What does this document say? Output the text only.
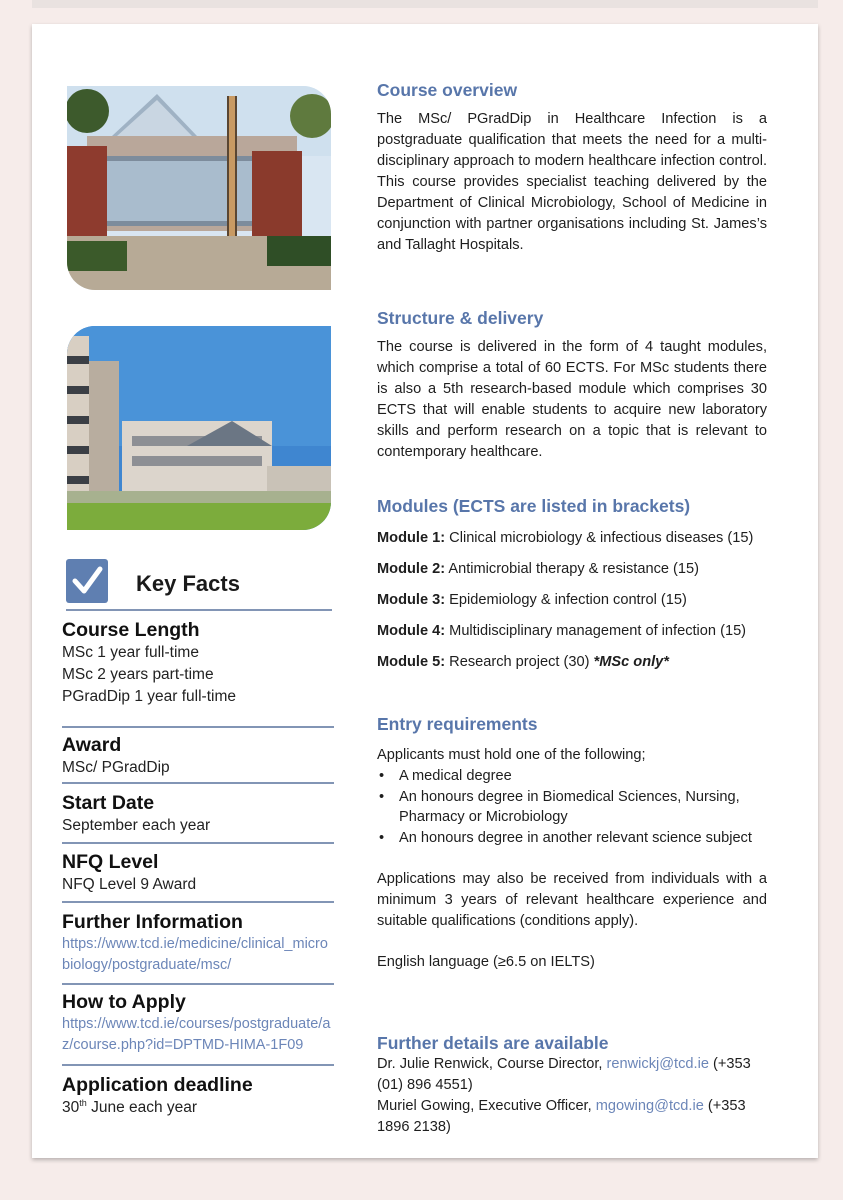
Key Facts
Course Length
MSc 1 year full-time
MSc 2 years part-time
PGradDip 1 year full-time
Award
MSc/ PGradDip
Start Date
September each year
NFQ Level
NFQ Level 9 Award
Further Information
https://www.tcd.ie/medicine/clinical_microbiology/postgraduate/msc/
How to Apply
https://www.tcd.ie/courses/postgraduate/az/course.php?id=DPTMD-HIMA-1F09
Application deadline
30th June each year
Course overview
The MSc/ PGradDip in Healthcare Infection is a postgraduate qualification that meets the need for a multi-disciplinary approach to modern healthcare infection control. This course provides specialist teaching delivered by the Department of Clinical Microbiology, School of Medicine in conjunction with partner organisations including St. James’s and Tallaght Hospitals.
Structure & delivery
The course is delivered in the form of 4 taught modules, which comprise a total of 60 ECTS. For MSc students there is also a 5th research-based module which comprises 30 ECTS that will enable students to acquire new laboratory skills and perform research on a topic that is relevant to contemporary healthcare.
Modules (ECTS are listed in brackets)
Module 1: Clinical microbiology & infectious diseases (15)
Module 2: Antimicrobial therapy & resistance (15)
Module 3: Epidemiology & infection control (15)
Module 4: Multidisciplinary management of infection (15)
Module 5: Research project (30) *MSc only*
Entry requirements
Applicants must hold one of the following;
• A medical degree
• An honours degree in Biomedical Sciences, Nursing, Pharmacy or Microbiology
• An honours degree in another relevant science subject
Applications may also be received from individuals with a minimum 3 years of relevant healthcare experience and suitable qualifications (conditions apply).
English language (≥6.5 on IELTS)
Further details are available
Dr. Julie Renwick, Course Director, renwickj@tcd.ie (+353 (01) 896 4551)
Muriel Gowing, Executive Officer, mgowing@tcd.ie (+353 1896 2138)
